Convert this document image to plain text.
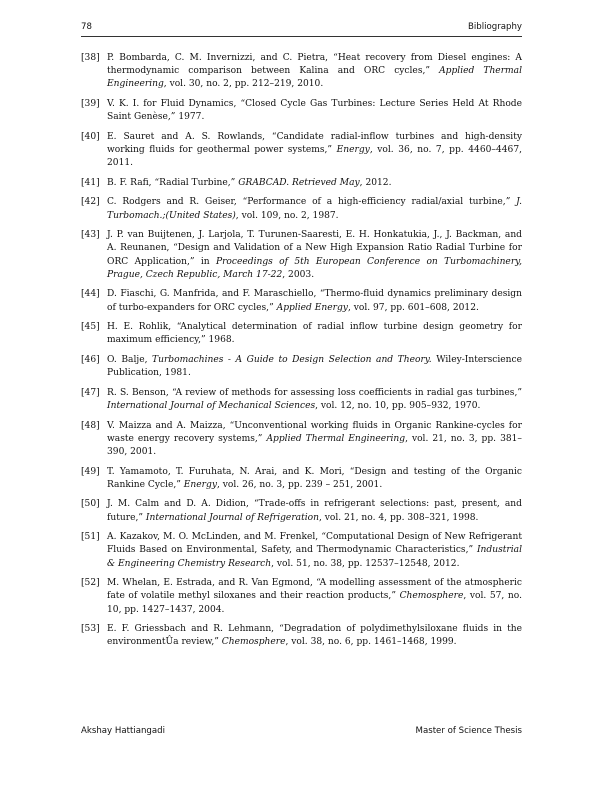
78	Bibliography
[38] P. Bombarda, C. M. Invernizzi, and C. Pietra, “Heat recovery from Diesel engines: A thermodynamic comparison between Kalina and ORC cycles,” Applied Thermal Engineering, vol. 30, no. 2, pp. 212–219, 2010.
[39] V. K. I. for Fluid Dynamics, “Closed Cycle Gas Turbines: Lecture Series Held At Rhode Saint Genèse,” 1977.
[40] E. Sauret and A. S. Rowlands, “Candidate radial-inflow turbines and high-density working fluids for geothermal power systems,” Energy, vol. 36, no. 7, pp. 4460–4467, 2011.
[41] B. F. Rafi, “Radial Turbine,” GRABCAD. Retrieved May, 2012.
[42] C. Rodgers and R. Geiser, “Performance of a high-efficiency radial/axial turbine,” J. Turbomach.;(United States), vol. 109, no. 2, 1987.
[43] J. P. van Buijtenen, J. Larjola, T. Turunen-Saaresti, E. H. Honkatukia, J., J. Backman, and A. Reunanen, “Design and Validation of a New High Expansion Ratio Radial Turbine for ORC Application,” in Proceedings of 5th European Conference on Turbomachinery, Prague, Czech Republic, March 17-22, 2003.
[44] D. Fiaschi, G. Manfrida, and F. Maraschiello, “Thermo-fluid dynamics preliminary design of turbo-expanders for ORC cycles,” Applied Energy, vol. 97, pp. 601–608, 2012.
[45] H. E. Rohlik, “Analytical determination of radial inflow turbine design geometry for maximum efficiency,” 1968.
[46] O. Balje, Turbomachines - A Guide to Design Selection and Theory. Wiley-Interscience Publication, 1981.
[47] R. S. Benson, “A review of methods for assessing loss coefficients in radial gas turbines,” International Journal of Mechanical Sciences, vol. 12, no. 10, pp. 905–932, 1970.
[48] V. Maizza and A. Maizza, “Unconventional working fluids in Organic Rankine-cycles for waste energy recovery systems,” Applied Thermal Engineering, vol. 21, no. 3, pp. 381–390, 2001.
[49] T. Yamamoto, T. Furuhata, N. Arai, and K. Mori, “Design and testing of the Organic Rankine Cycle,” Energy, vol. 26, no. 3, pp. 239 – 251, 2001.
[50] J. M. Calm and D. A. Didion, “Trade-offs in refrigerant selections: past, present, and future,” International Journal of Refrigeration, vol. 21, no. 4, pp. 308–321, 1998.
[51] A. Kazakov, M. O. McLinden, and M. Frenkel, “Computational Design of New Refrigerant Fluids Based on Environmental, Safety, and Thermodynamic Characteristics,” Industrial & Engineering Chemistry Research, vol. 51, no. 38, pp. 12537–12548, 2012.
[52] M. Whelan, E. Estrada, and R. Van Egmond, “A modelling assessment of the atmospheric fate of volatile methyl siloxanes and their reaction products,” Chemosphere, vol. 57, no. 10, pp. 1427–1437, 2004.
[53] E. F. Griessbach and R. Lehmann, “Degradation of polydimethylsiloxane fluids in the environmentÛa review,” Chemosphere, vol. 38, no. 6, pp. 1461–1468, 1999.
Akshay Hattiangadi	Master of Science Thesis
